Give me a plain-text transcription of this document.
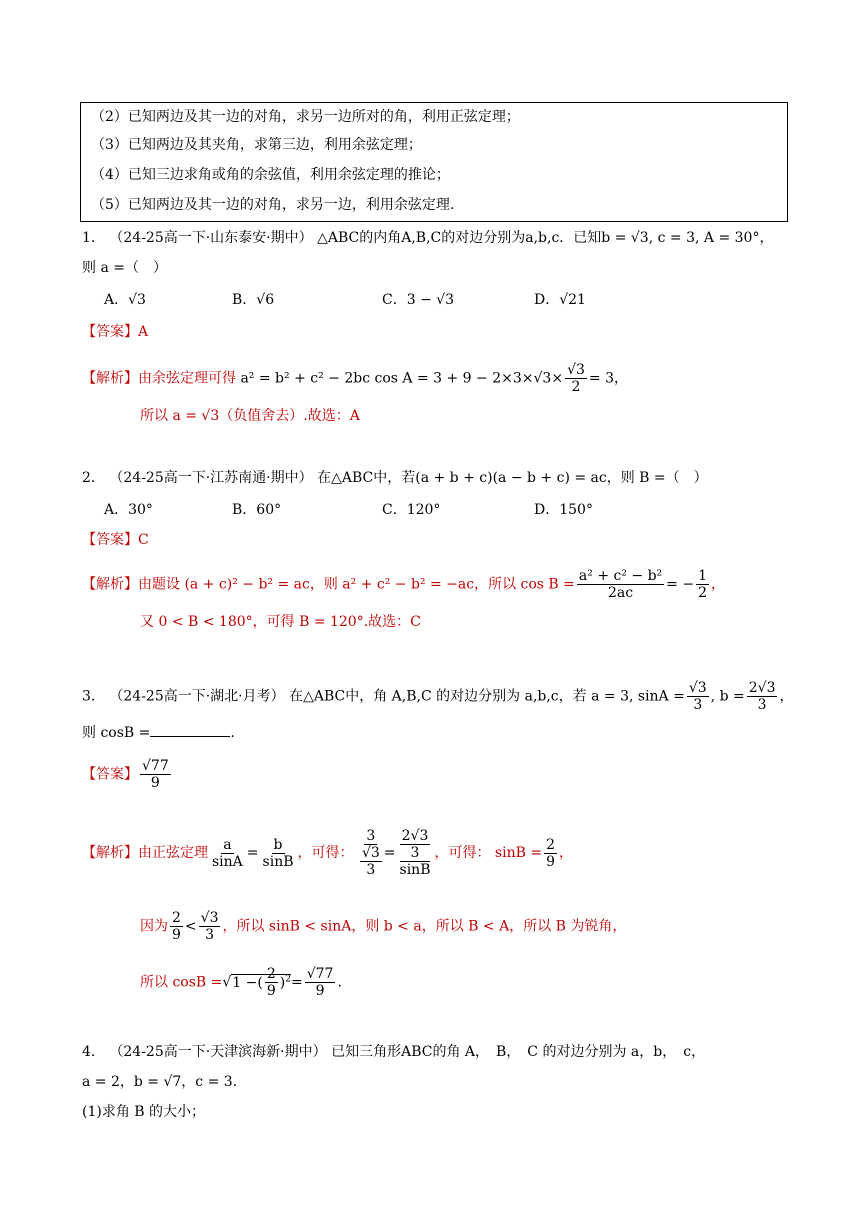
（2）已知两边及其一边的对角，求另一边所对的角，利用正弦定理；
（3）已知两边及其夹角，求第三边，利用余弦定理；
（4）已知三边求角或角的余弦值，利用余弦定理的推论；
（5）已知两边及其一边的对角，求另一边，利用余弦定理.
1． （24-25高一下·山东泰安·期中） △ABC的内角A,B,C的对边分别为a,b,c．已知b = √3, c = 3, A = 30°，
则 a =（　）
A．√3	B．√6	C．3 − √3	D．√21
【答案】A
【解析】由余弦定理可得 a² = b² + c² − 2bc $\cos A = 3 + 9 - 2\times 3\times√3\times \frac{√3}{2} = 3$，
所以 a = √3（负值舍去）.故选：A
2． （24-25高一下·江苏南通·期中） 在△ABC中，若(a + b + c)(a − b + c) = ac，则 B =（　）
A．30°	B．60°	C．120°	D．150°
【答案】C
【解析】由题设 (a + c)² − b² = ac，则 a² + c² − b² = −ac，所以 $\cos B = \frac{\text{a² + c² − b²}}{2ac}$ = − $\frac{1}{2}$ ，
又 0 < B < 180°，可得 B = 120°.故选：C
3． （24-25高一下·湖北·月考） 在△ABC中，角 A,B,C 的对边分别为 a,b,c，若 a = 3, $\sin A = \frac{√3}{3}$ , $b = \frac{2√3}{3}$ ，
则 cosB =	.
【答案】 $\frac{√77}{9}$
【解析】由正弦定理 $\frac{a}{\sin A} = \frac{b}{\sin B}$ ，可得： $\frac{3}{\frac{√3}{3}} = \frac{\frac{2√3}{3}}{\sin B}$ ，可得： $\sin B = \frac{2}{9}$ ，
因为 $\frac{2}{9} < \frac{√3}{3}$ ，所以 sinB < sinA，则 b < a，所以 B < A，所以 B 为锐角，
所以 cosB =√1 −( $\frac{2}{9} )^2= \frac{√77}{9}$ .
4． （24-25高一下·天津滨海新·期中） 已知三角形ABC的角 A，　B，　C 的对边分别为 a，b，　c，
a = 2，b = √7，c = 3.
(1)求角 B 的大小；
